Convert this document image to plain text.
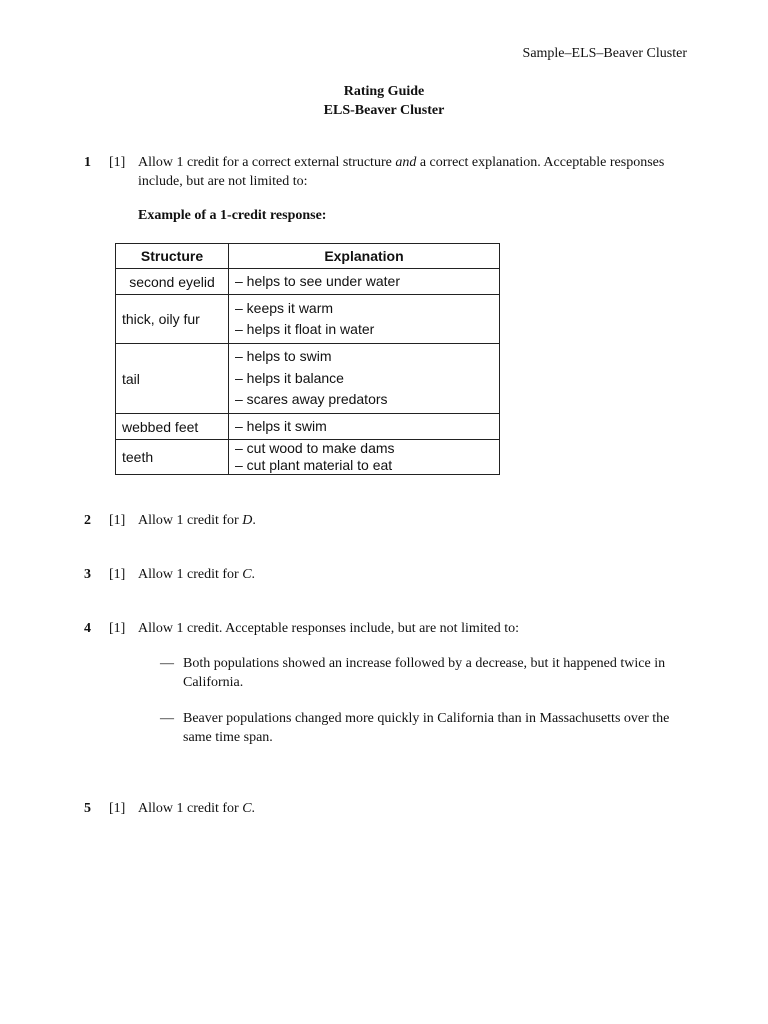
Sample–ELS–Beaver Cluster
Rating Guide
ELS-Beaver Cluster
1 [1] Allow 1 credit for a correct external structure and a correct explanation. Acceptable responses include, but are not limited to:
Example of a 1-credit response:
Structure	Explanation
second eyelid	– helps to see under water

thick, oily fur	– keeps it warm
– helps it float in water

tail	– helps to swim
– helps it balance
– scares away predators

webbed feet	– helps it swim

teeth	– cut wood to make dams
– cut plant material to eat
2 [1] Allow 1 credit for D.
3 [1] Allow 1 credit for C.
4 [1] Allow 1 credit. Acceptable responses include, but are not limited to:
— Both populations showed an increase followed by a decrease, but it happened twice in California.
— Beaver populations changed more quickly in California than in Massachusetts over the same time span.
5 [1] Allow 1 credit for C.
